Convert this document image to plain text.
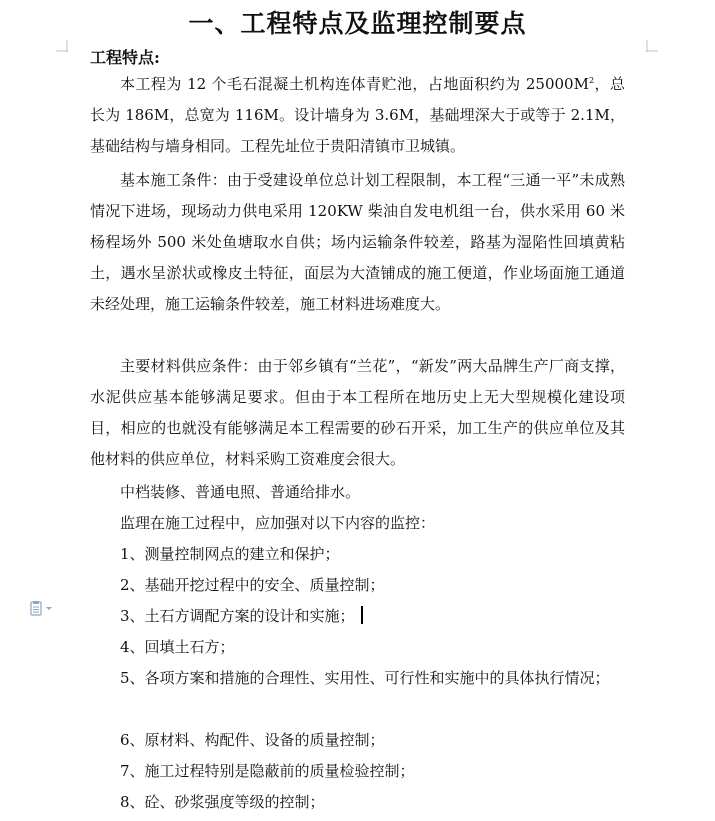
一、工程特点及监理控制要点
工程特点:

本工程为 12 个毛石混凝土机构连体青贮池，占地面积约为 $25000M^2$，总长为 186M，总宽为 116M。设计墙身为 3.6M，基础埋深大于或等于 2.1M，基础结构与墙身相同。工程先址位于贵阳清镇市卫城镇。

基本施工条件：由于受建设单位总计划工程限制，本工程“三通一平”未成熟情况下进场，现场动力供电采用 120KW 柴油自发电机组一台，供水采用 60 米杨程场外 500 米处鱼塘取水自供；场内运输条件较差，路基为湿陷性回填黄粘土，遇水呈淤状或橡皮土特征，面层为大渣铺成的施工便道，作业场面施工通道未经处理，施工运输条件较差，施工材料进场难度大。

主要材料供应条件：由于邻乡镇有“兰花”，“新发”两大品牌生产厂商支撑，水泥供应基本能够满足要求。但由于本工程所在地历史上无大型规模化建设项目，相应的也就没有能够满足本工程需要的砂石开采，加工生产的供应单位及其他材料的供应单位，材料采购工资难度会很大。

中档装修、普通电照、普通给排水。
监理在施工过程中，应加强对以下内容的监控：
1、测量控制网点的建立和保护；
2、基础开挖过程中的安全、质量控制；
3、土石方调配方案的设计和实施；
4、回填土石方；

5、各项方案和措施的合理性、实用性、可行性和实施中的具体执行情况；

6、原材料、构配件、设备的质量控制；
7、施工过程特别是隐蔽前的质量检验控制；
8、砼、砂浆强度等级的控制；
